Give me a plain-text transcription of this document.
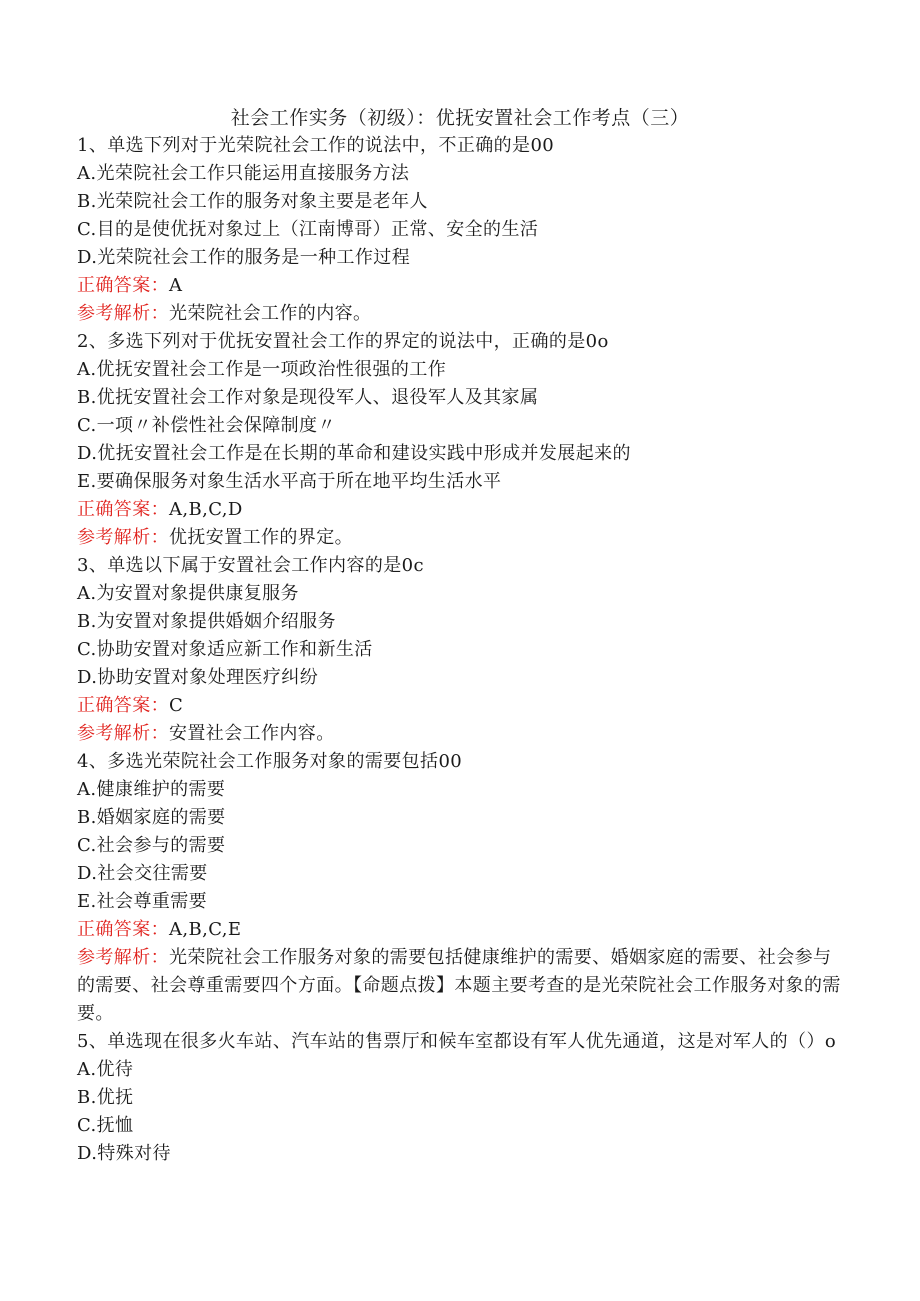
社会工作实务（初级）：优抚安置社会工作考点（三）
1、单选下列对于光荣院社会工作的说法中，不正确的是00
A.光荣院社会工作只能运用直接服务方法
B.光荣院社会工作的服务对象主要是老年人
C.目的是使优抚对象过上（江南博哥）正常、安全的生活
D.光荣院社会工作的服务是一种工作过程
正确答案：A
参考解析：光荣院社会工作的内容。
2、多选下列对于优抚安置社会工作的界定的说法中，正确的是0o
A.优抚安置社会工作是一项政治性很强的工作
B.优抚安置社会工作对象是现役军人、退役军人及其家属
C.一项〃补偿性社会保障制度〃
D.优抚安置社会工作是在长期的革命和建设实践中形成并发展起来的
E.要确保服务对象生活水平高于所在地平均生活水平
正确答案：A,B,C,D
参考解析：优抚安置工作的界定。
3、单选以下属于安置社会工作内容的是0c
A.为安置对象提供康复服务
B.为安置对象提供婚姻介绍服务
C.协助安置对象适应新工作和新生活
D.协助安置对象处理医疗纠纷
正确答案：C
参考解析：安置社会工作内容。
4、多选光荣院社会工作服务对象的需要包括00
A.健康维护的需要
B.婚姻家庭的需要
C.社会参与的需要
D.社会交往需要
E.社会尊重需要
正确答案：A,B,C,E
参考解析：光荣院社会工作服务对象的需要包括健康维护的需要、婚姻家庭的需要、社会参与的需要、社会尊重需要四个方面。【命题点拨】本题主要考查的是光荣院社会工作服务对象的需要。
5、单选现在很多火车站、汽车站的售票厅和候车室都设有军人优先通道，这是对军人的（）o
A.优待
B.优抚
C.抚恤
D.特殊对待
